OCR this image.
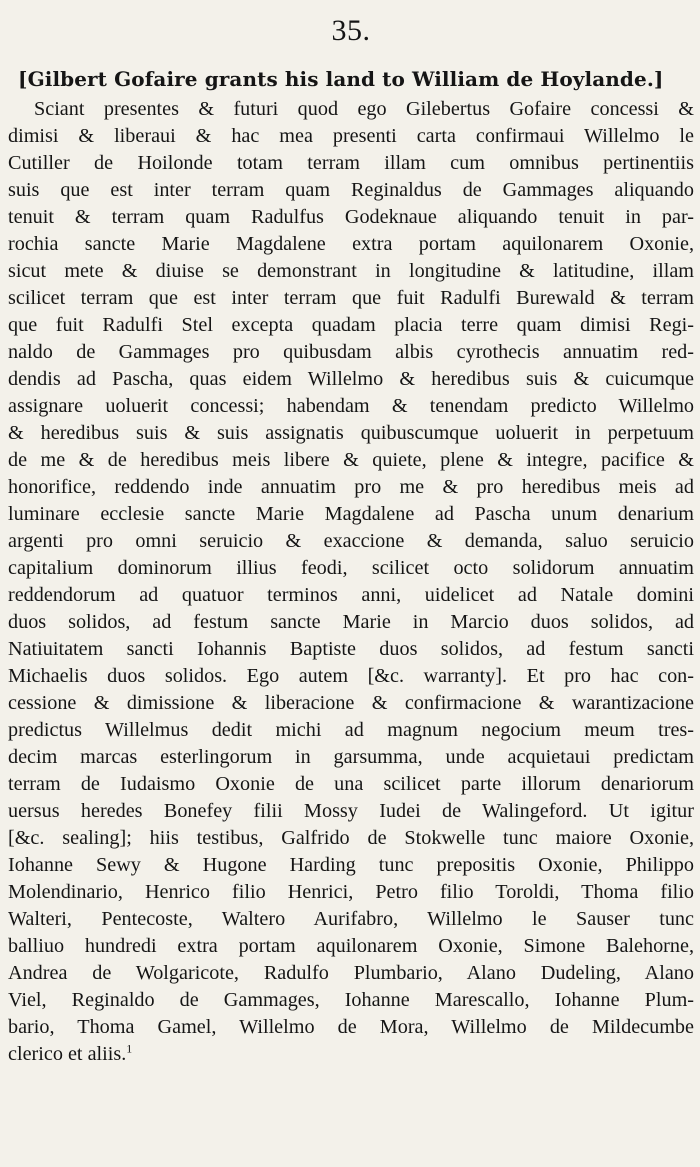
35.
[Gilbert Gofaire grants his land to William de Hoylande.]
Sciant presentes & futuri quod ego Gilebertus Gofaire concessi &
dimisi & liberaui & hac mea presenti carta confirmaui Willelmo le
Cutiller de Hoilonde totam terram illam cum omnibus pertinentiis
suis que est inter terram quam Reginaldus de Gammages aliquando
tenuit & terram quam Radulfus Godeknaue aliquando tenuit in par-
rochia sancte Marie Magdalene extra portam aquilonarem Oxonie,
sicut mete & diuise se demonstrant in longitudine & latitudine, illam
scilicet terram que est inter terram que fuit Radulfi Burewald & terram
que fuit Radulfi Stel excepta quadam placia terre quam dimisi Regi-
naldo de Gammages pro quibusdam albis cyrothecis annuatim red-
dendis ad Pascha, quas eidem Willelmo & heredibus suis & cuicumque
assignare uoluerit concessi; habendam & tenendam predicto Willelmo
& heredibus suis & suis assignatis quibuscumque uoluerit in perpetuum
de me & de heredibus meis libere & quiete, plene & integre, pacifice &
honorifice, reddendo inde annuatim pro me & pro heredibus meis ad
luminare ecclesie sancte Marie Magdalene ad Pascha unum denarium
argenti pro omni seruicio & exaccione & demanda, saluo seruicio
capitalium dominorum illius feodi, scilicet octo solidorum annuatim
reddendorum ad quatuor terminos anni, uidelicet ad Natale domini
duos solidos, ad festum sancte Marie in Marcio duos solidos, ad
Natiuitatem sancti Iohannis Baptiste duos solidos, ad festum sancti
Michaelis duos solidos. Ego autem [&c. warranty]. Et pro hac con-
cessione & dimissione & liberacione & confirmacione & warantizacione
predictus Willelmus dedit michi ad magnum negocium meum tres-
decim marcas esterlingorum in garsumma, unde acquietaui predictam
terram de Iudaismo Oxonie de una scilicet parte illorum denariorum
uersus heredes Bonefey filii Mossy Iudei de Walingeford. Ut igitur
[&c. sealing]; hiis testibus, Galfrido de Stokwelle tunc maiore Oxonie,
Iohanne Sewy & Hugone Harding tunc prepositis Oxonie, Philippo
Molendinario, Henrico filio Henrici, Petro filio Toroldi, Thoma filio
Walteri, Pentecoste, Waltero Aurifabro, Willelmo le Sauser tunc
balliuo hundredi extra portam aquilonarem Oxonie, Simone Balehorne,
Andrea de Wolgaricote, Radulfo Plumbario, Alano Dudeling, Alano
Viel, Reginaldo de Gammages, Iohanne Marescallo, Iohanne Plum-
bario, Thoma Gamel, Willelmo de Mora, Willelmo de Mildecumbe
clerico et aliis.$^1$
